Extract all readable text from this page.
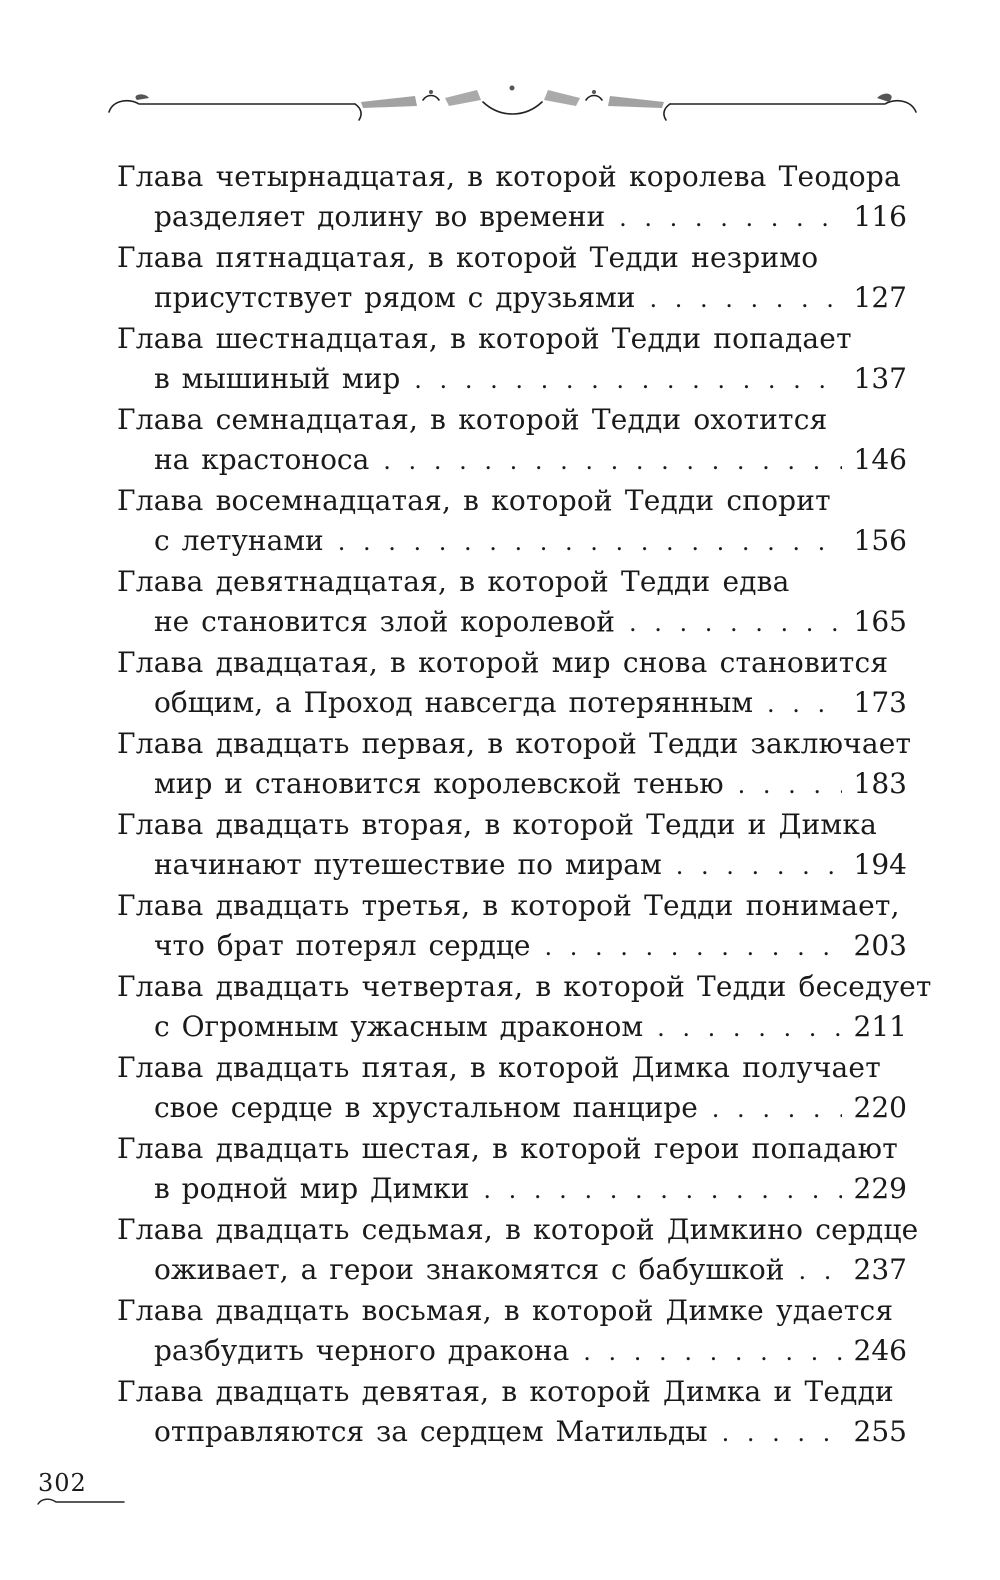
Глава четырнадцатая, в которой королева Теодора
разделяет долину во времени . . .	116
Глава пятнадцатая, в которой Тедди незримо
присутствует рядом с друзьями . . .	127
Глава шестнадцатая, в которой Тедди попадает
в мышиный мир . . .	137
Глава семнадцатая, в которой Тедди охотится
на крастоноса . . .	146
Глава восемнадцатая, в которой Тедди спорит
с летунами . . .	156
Глава девятнадцатая, в которой Тедди едва
не становится злой королевой . . .	165
Глава двадцатая, в которой мир снова становится
общим, а Проход навсегда потерянным . . .	173
Глава двадцать первая, в которой Тедди заключает
мир и становится королевской тенью . . .	183
Глава двадцать вторая, в которой Тедди и Димка
начинают путешествие по мирам . . .	194
Глава двадцать третья, в которой Тедди понимает,
что брат потерял сердце . . .	203
Глава двадцать четвертая, в которой Тедди беседует
с Огромным ужасным драконом . . .	211
Глава двадцать пятая, в которой Димка получает
свое сердце в хрустальном панцире . . .	220
Глава двадцать шестая, в которой герои попадают
в родной мир Димки . . .	229
Глава двадцать седьмая, в которой Димкино сердце
оживает, а герои знакомятся с бабушкой . . . 237
Глава двадцать восьмая, в которой Димке удается
разбудить черного дракона . . .	246
Глава двадцать девятая, в которой Димка и Тедди
отправляются за сердцем Матильды . . .	255
302
